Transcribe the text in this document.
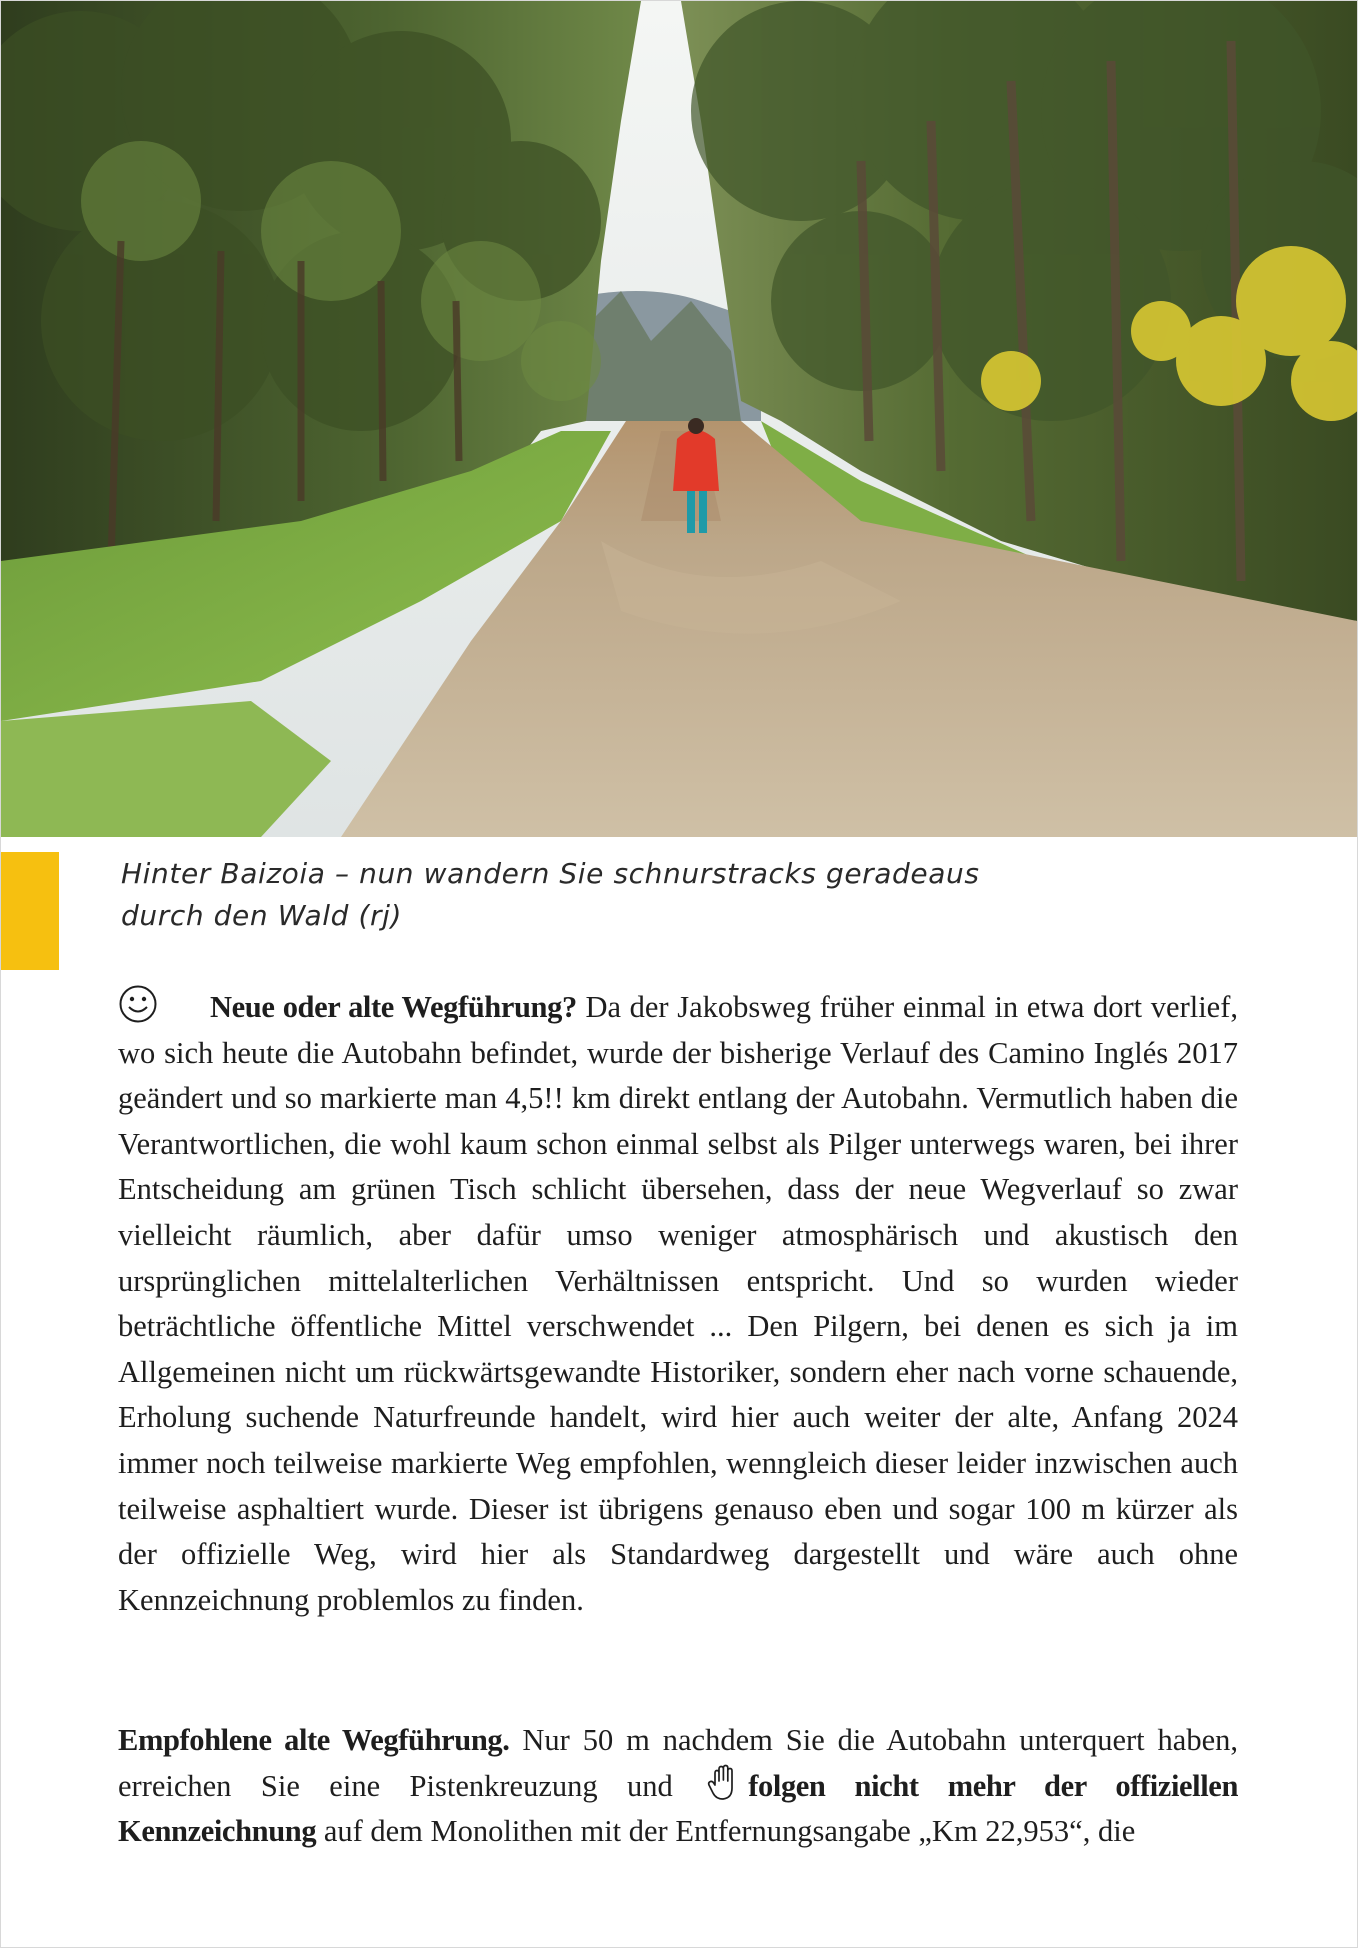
Hinter Baizoia – nun wandern Sie schnurstracks geradeaus
durch den Wald (rj)
Neue oder alte Wegführung? Da der Jakobsweg früher einmal in etwa dort verlief, wo sich heute die Autobahn befindet, wurde der bisherige Verlauf des Camino Inglés 2017 geändert und so markierte man 4,5!! km direkt entlang der Autobahn. Vermutlich haben die Verantwortlichen, die wohl kaum schon einmal selbst als Pilger unterwegs waren, bei ihrer Entscheidung am grünen Tisch schlicht übersehen, dass der neue Wegverlauf so zwar vielleicht räumlich, aber dafür umso weniger atmosphärisch und akustisch den ursprünglichen mittelalterlichen Verhältnissen entspricht. Und so wurden wieder beträchtliche öffentliche Mittel verschwendet ... Den Pilgern, bei denen es sich ja im Allgemeinen nicht um rückwärtsgewandte Historiker, sondern eher nach vorne schauende, Erholung suchende Naturfreunde handelt, wird hier auch weiter der alte, Anfang 2024 immer noch teilweise markierte Weg empfohlen, wenngleich dieser leider inzwischen auch teilweise asphaltiert wurde. Dieser ist übrigens genauso eben und sogar 100 m kürzer als der offizielle Weg, wird hier als Standardweg dargestellt und wäre auch ohne Kennzeichnung problemlos zu finden.
Empfohlene alte Wegführung. Nur 50 m nachdem Sie die Autobahn unterquert haben, erreichen Sie eine Pistenkreuzung und folgen nicht mehr der offiziellen Kennzeichnung auf dem Monolithen mit der Entfernungsangabe „Km 22,953“, die
